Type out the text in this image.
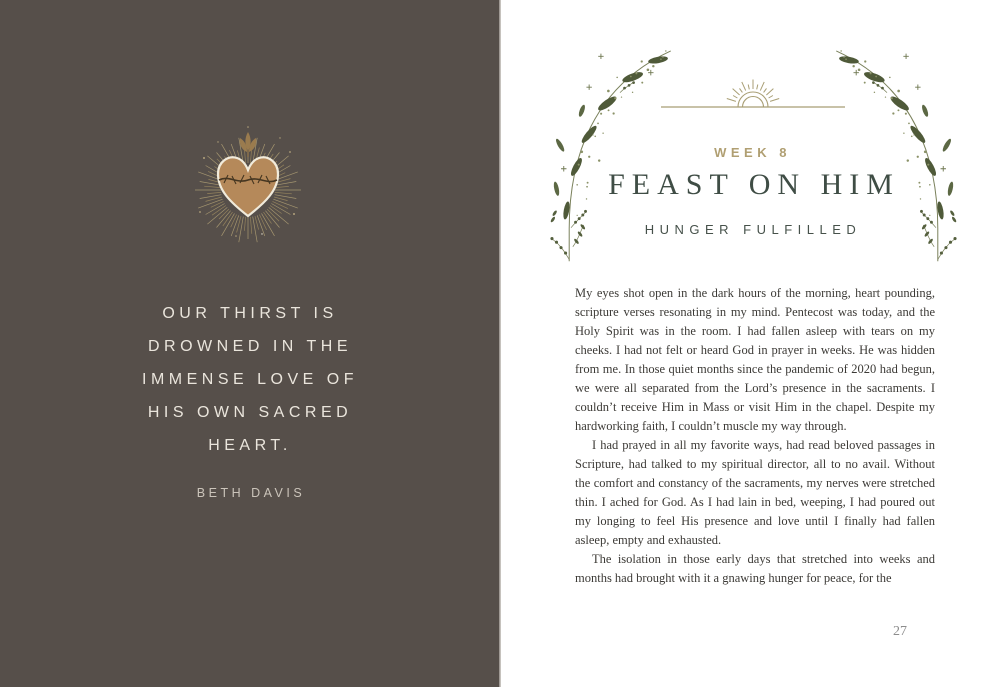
OUR THIRST IS
DROWNED IN THE
IMMENSE LOVE OF
HIS OWN SACRED
HEART.
BETH DAVIS
WEEK 8
FEAST ON HIM
HUNGER FULFILLED

My eyes shot open in the dark hours of the morning, heart pounding, scripture verses resonating in my mind. Pentecost was today, and the Holy Spirit was in the room. I had fallen asleep with tears on my cheeks. I had not felt or heard God in prayer in weeks. He was hidden from me. In those quiet months since the pandemic of 2020 had begun, we were all separated from the Lord’s presence in the sacraments. I couldn’t receive Him in Mass or visit Him in the chapel. Despite my hardworking faith, I couldn’t muscle my way through.

I had prayed in all my favorite ways, had read beloved passages in Scripture, had talked to my spiritual director, all to no avail. Without the comfort and constancy of the sacraments, my nerves were stretched thin. I ached for God. As I had lain in bed, weeping, I had poured out my longing to feel His presence and love until I finally had fallen asleep, empty and exhausted.

The isolation in those early days that stretched into weeks and months had brought with it a gnawing hunger for peace, for the

27
